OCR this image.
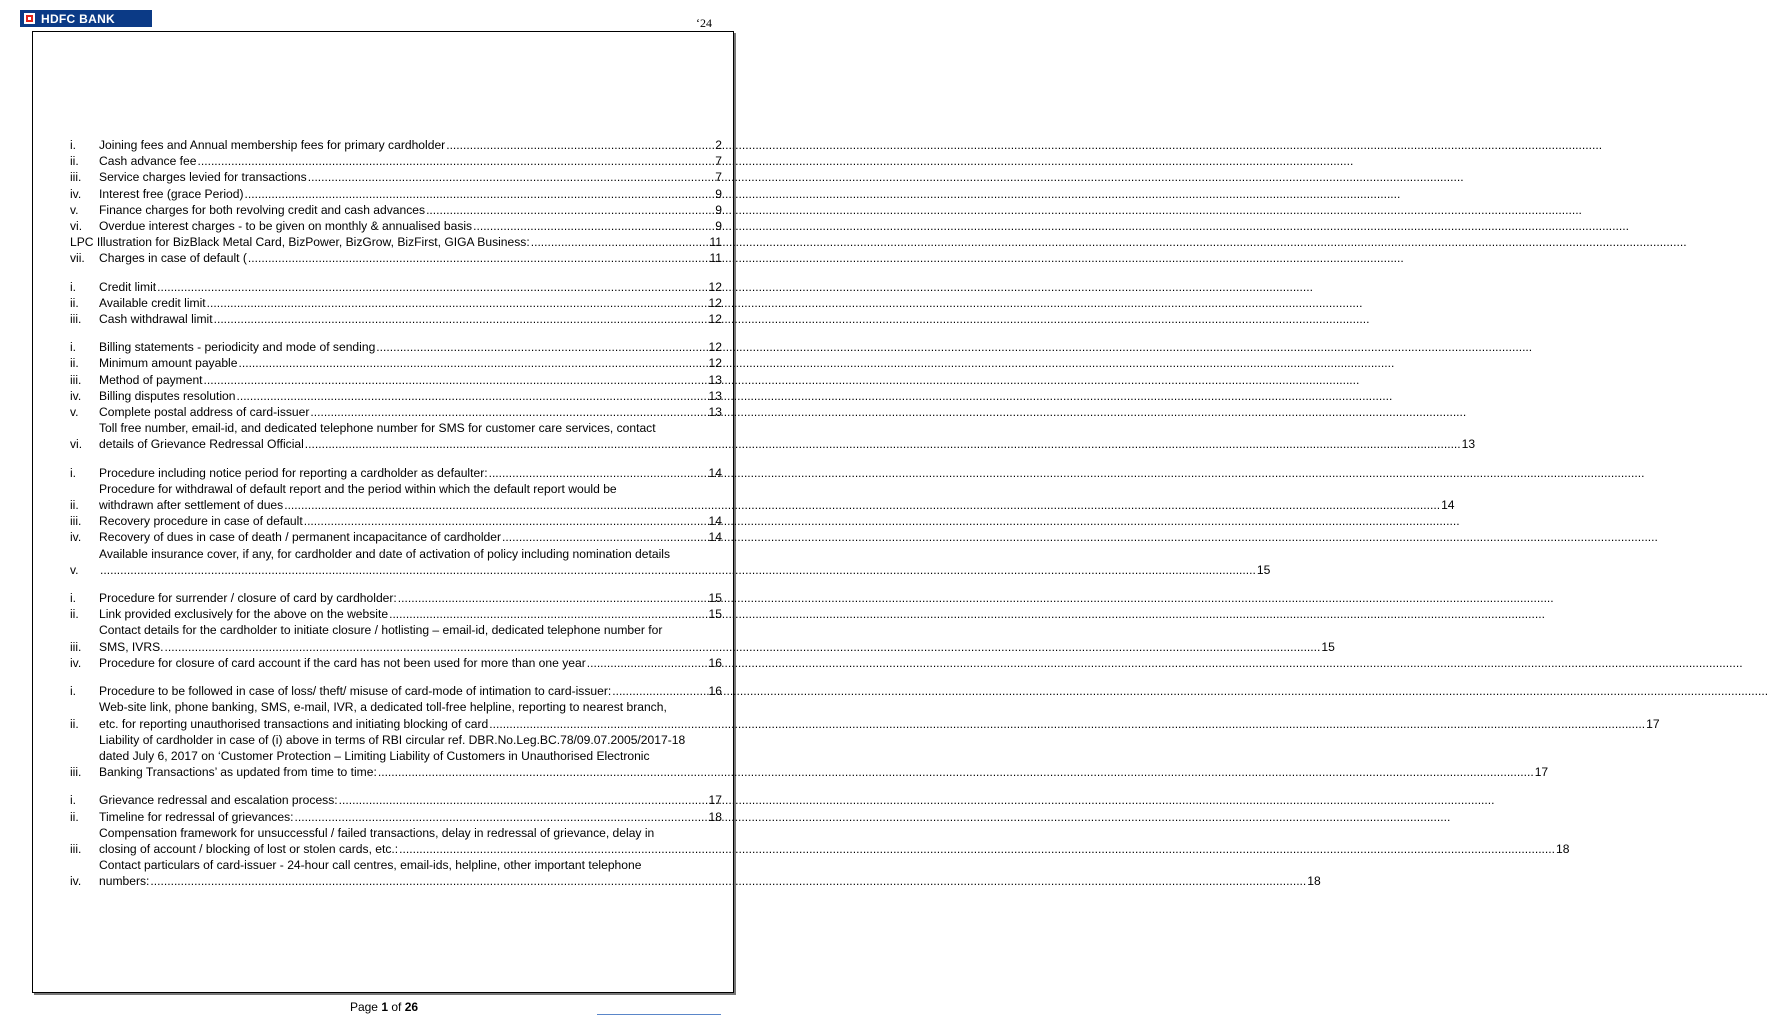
HDFC BANK	‘24
i.	Joining fees and Annual membership fees for primary cardholder .....	2
ii.	Cash advance fee .....	7
iii.	Service charges levied for transactions .....	7
iv.	Interest free (grace Period) .....	9
v.	Finance charges for both revolving credit and cash advances .....	9
vi.	Overdue interest charges - to be given on monthly & annualised basis .....	9
LPC Illustration for BizBlack Metal Card, BizPower, BizGrow, BizFirst, GIGA Business: .....	11
vii.	Charges in case of default ( .....	11
i.	Credit limit .....	12
ii.	Available credit limit .....	12
iii.	Cash withdrawal limit .....	12
i.	Billing statements - periodicity and mode of sending .....	12
ii.	Minimum amount payable .....	12
iii.	Method of payment .....	13
iv.	Billing disputes resolution .....	13
v.	Complete postal address of card-issuer .....	13
vi.
Toll free number, email-id, and dedicated telephone number for SMS for customer care services, contact
details of Grievance Redressal Official .....	13
i.	Procedure including notice period for reporting a cardholder as defaulter: .....	14
ii.
Procedure for withdrawal of default report and the period within which the default report would be
withdrawn after settlement of dues .....	14
iii.	Recovery procedure in case of default .....	14
iv.	Recovery of dues in case of death / permanent incapacitance of cardholder .....	14
v.
Available insurance cover, if any, for cardholder and date of activation of policy including nomination details
.....
15
i.	Procedure for surrender / closure of card by cardholder: .....	15
ii.	Link provided exclusively for the above on the website .....	15
iii.
Contact details for the cardholder to initiate closure / hotlisting – email-id, dedicated telephone number for
SMS, IVRS. .....	15
iv.	Procedure for closure of card account if the card has not been used for more than one year .....	16
i.	Procedure to be followed in case of loss/ theft/ misuse of card-mode of intimation to card-issuer: .....	16
ii.
Web-site link, phone banking, SMS, e-mail, IVR, a dedicated toll-free helpline, reporting to nearest branch,
etc. for reporting unauthorised transactions and initiating blocking of card .....	17
iii.
Liability of cardholder in case of (i) above in terms of RBI circular ref. DBR.No.Leg.BC.78/09.07.2005/2017-18
dated July 6, 2017 on ‘Customer Protection – Limiting Liability of Customers in Unauthorised Electronic
Banking Transactions’ as updated from time to time: .....	17
i.	Grievance redressal and escalation process: .....	17
ii.	Timeline for redressal of grievances: .....	18
iii.
Compensation framework for unsuccessful / failed transactions, delay in redressal of grievance, delay in
closing of account / blocking of lost or stolen cards, etc.: .....	18
iv.
Contact particulars of card-issuer - 24-hour call centres, email-ids, helpline, other important telephone
numbers: .....	18
Page 1 of 26
